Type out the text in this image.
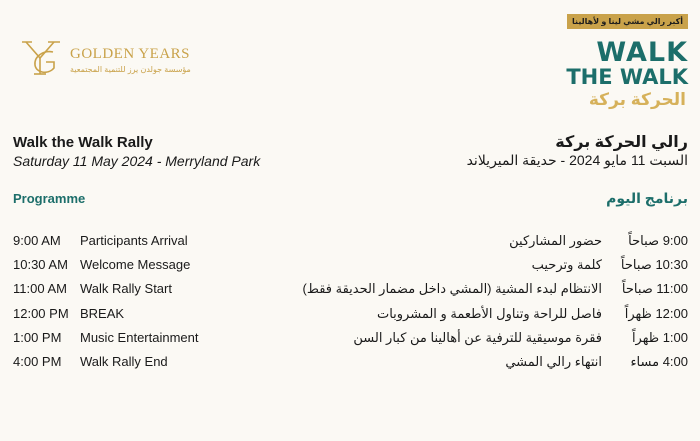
GOLDEN YEARS
مؤسسة جولدن يرز للتنمية المجتمعية
أكبر رالي مشي لينا و لأهالينا
WALK
THE WALK
الحركة بركة
Walk the Walk Rally
Saturday 11 May 2024 - Merryland Park
رالي الحركة بركة
السبت 11 مايو 2024 - حديقة الميريلاند
Programme	برنامج اليوم
9:00 AM Participants Arrival	حضور المشاركين 9:00 صباحاً
10:30 AM Welcome Message	كلمة وترحيب 10:30 صباحاً
11:00 AM Walk Rally Start	الانتظام لبدء المشية (المشي داخل مضمار الحديقة فقط) 11:00 صباحاً
12:00 PM BREAK	فاصل للراحة وتناول الأطعمة و المشروبات 12:00 ظهراً
1:00 PM Music Entertainment	فقرة موسيقية للترفية عن أهالينا من كبار السن 1:00 ظهراً
4:00 PM Walk Rally End	انتهاء رالي المشي 4:00 مساء
